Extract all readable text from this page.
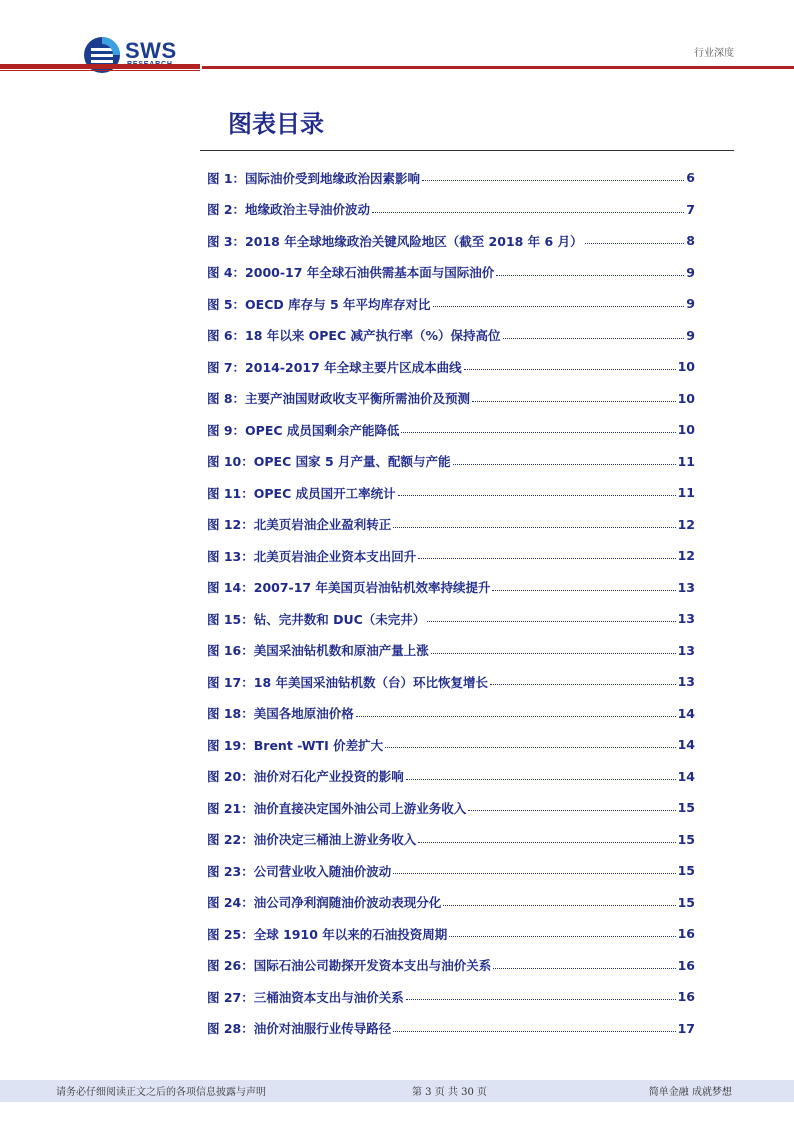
SWS	行业深度
图表目录
图 1：国际油价受到地缘政治因素影响	6
图 2：地缘政治主导油价波动	7
图 3：2018 年全球地缘政治关键风险地区（截至 2018 年 6 月）	8
图 4：2000-17 年全球石油供需基本面与国际油价	9
图 5：OECD 库存与 5 年平均库存对比	9
图 6：18 年以来 OPEC 减产执行率（%）保持高位	9
图 7：2014-2017 年全球主要片区成本曲线	10
图 8：主要产油国财政收支平衡所需油价及预测	10
图 9：OPEC 成员国剩余产能降低	10
图 10：OPEC 国家 5 月产量、配额与产能	11
图 11：OPEC 成员国开工率统计	11
图 12：北美页岩油企业盈利转正	12
图 13：北美页岩油企业资本支出回升	12
图 14：2007-17 年美国页岩油钻机效率持续提升	13
图 15：钻、完井数和 DUC（未完井）	13
图 16：美国采油钻机数和原油产量上涨	13
图 17：18 年美国采油钻机数（台）环比恢复增长	13
图 18：美国各地原油价格	14
图 19：Brent -WTI 价差扩大	14
图 20：油价对石化产业投资的影响	14
图 21：油价直接决定国外油公司上游业务收入	15
图 22：油价决定三桶油上游业务收入	15
图 23：公司营业收入随油价波动	15
图 24：油公司净利润随油价波动表现分化	15
图 25：全球 1910 年以来的石油投资周期	16
图 26：国际石油公司勘探开发资本支出与油价关系	16
图 27：三桶油资本支出与油价关系	16
图 28：油价对油服行业传导路径	17
请务必仔细阅读正文之后的各项信息披露与声明	第 3 页 共 30 页	简单金融 成就梦想
